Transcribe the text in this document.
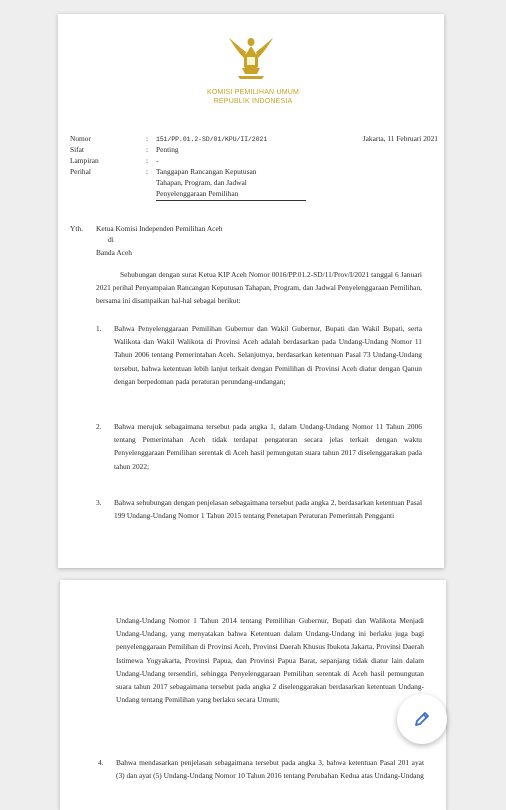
KOMISI PEMILIHAN UMUM
REPUBLIK INDONESIA
Nomor	: 151/PP.01.2-SD/01/KPU/II/2021	Jakarta, 11 Februari 2021
Sifat	: Penting
Lampiran	: -
Perihal	: Tanggapan Rancangan Keputusan
Tahapan, Program, dan Jadwal
Penyelenggaraan Pemilihan
Yth. Ketua Komisi Independen Pemilihan Aceh
di
Banda Aceh
Sehubungan dengan surat Ketua KIP Aceh Nomor 0016/PP.01.2-SD/11/Prov/I/2021 tanggal 6 Januari 2021 perihal Penyampaian Rancangan Keputusan Tahapan, Program, dan Jadwal Penyelenggaraan Pemilihan, bersama ini disampaikan hal-hal sebagai berikut:
1. Bahwa Penyelenggaraan Pemilihan Gubernur dan Wakil Gubernur, Bupati dan Wakil Bupati, serta Walikota dan Wakil Walikota di Provinsi Aceh adalah berdasarkan pada Undang-Undang Nomor 11 Tahun 2006 tentang Pemerintahan Aceh. Selanjutnya, berdasarkan ketentuan Pasal 73 Undang-Undang tersebut, bahwa ketentuan lebih lanjut terkait dengan Pemilihan di Provinsi Aceh diatur dengan Qanun dengan berpedoman pada peraturan perundang-undangan;
2. Bahwa merujuk sebagaimana tersebut pada angka 1, dalam Undang-Undang Nomor 11 Tahun 2006 tentang Pemerintahan Aceh tidak terdapat pengaturan secara jelas terkait dengan waktu Penyelenggaraan Pemilihan serentak di Aceh hasil pemungutan suara tahun 2017 diselenggarakan pada tahun 2022;
3. Bahwa sehubungan dengan penjelasan sebagaimana tersebut pada angka 2, berdasarkan ketentuan Pasal 199 Undang-Undang Nomor 1 Tahun 2015 tentang Penetapan Peraturan Pemerintah Pengganti
Undang-Undang Nomor 1 Tahun 2014 tentang Pemilihan Gubernur, Bupati dan Walikota Menjadi Undang-Undang, yang menyatakan bahwa Ketentuan dalam Undang-Undang ini berlaku juga bagi penyelenggaraan Pemilihan di Provinsi Aceh, Provinsi Daerah Khusus Ibukota Jakarta, Provinsi Daerah Istimewa Yogyakarta, Provinsi Papua, dan Provinsi Papua Barat, sepanjang tidak diatur lain dalam Undang-Undang tersendiri, sehingga Penyelenggaraan Pemilihan serentak di Aceh hasil pemungutan suara tahun 2017 sebagaimana tersebut pada angka 2 diselenggarakan berdasarkan ketentuan Undang-Undang tentang Pemilihan yang berlaku secara Umum;
4. Bahwa mendasarkan penjelasan sebagaimana tersebut pada angka 3, bahwa ketentuan Pasal 201 ayat (3) dan ayat (5) Undang-Undang Nomor 10 Tahun 2016 tentang Perubahan Kedua atas Undang-Undang
